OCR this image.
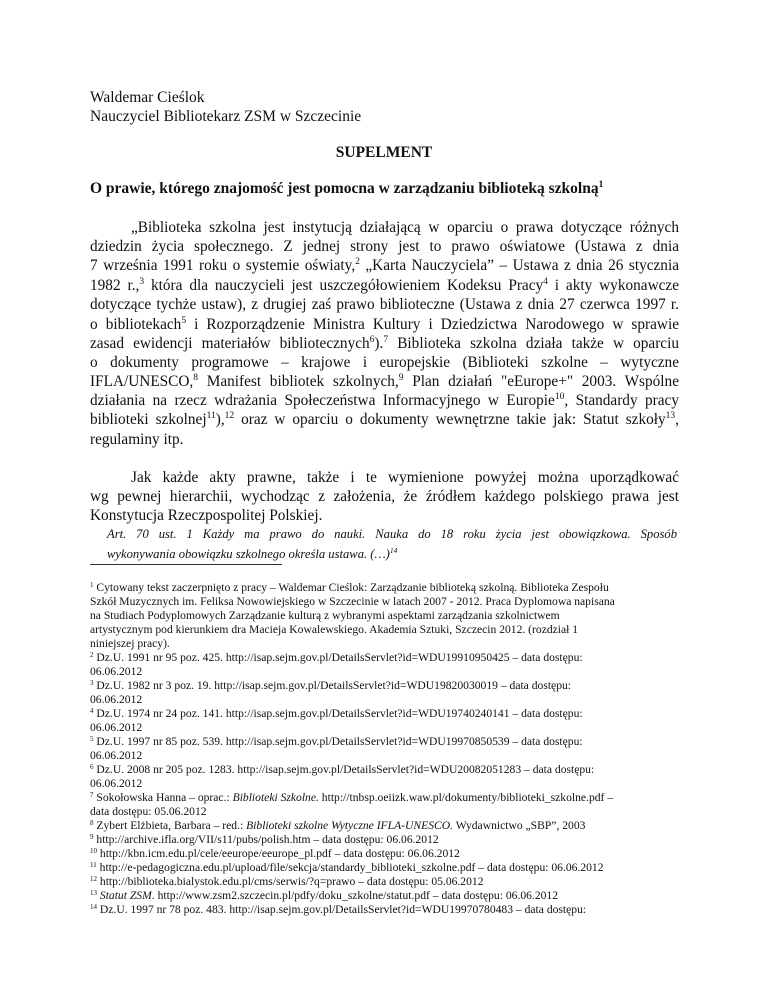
Waldemar Cieślok
Nauczyciel Bibliotekarz ZSM w Szczecinie
SUPELMENT
O prawie, którego znajomość jest pomocna w zarządzaniu biblioteką szkolną$^1$
„Biblioteka szkolna jest instytucją działającą w oparciu o prawa dotyczące różnych
dziedzin życia społecznego. Z jednej strony jest to prawo oświatowe (Ustawa z dnia
7 września 1991 roku o systemie oświaty,$^2$ „Karta Nauczyciela” – Ustawa z dnia 26 stycznia
1982 r.,$^3$ która dla nauczycieli jest uszczegółowieniem Kodeksu Pracy$^4$ i akty wykonawcze
dotyczące tychże ustaw), z drugiej zaś prawo biblioteczne (Ustawa z dnia 27 czerwca 1997 r.
o bibliotekach$^5$ i Rozporządzenie Ministra Kultury i Dziedzictwa Narodowego w sprawie
zasad ewidencji materiałów bibliotecznych$^6$).$^7$ Biblioteka szkolna działa także w oparciu
o dokumenty programowe – krajowe i europejskie (Biblioteki szkolne – wytyczne
IFLA/UNESCO,$^8$ Manifest bibliotek szkolnych,$^9$ Plan działań "eEurope+" 2003. Wspólne
działania na rzecz wdrażania Społeczeństwa Informacyjnego w Europie$^{10}$, Standardy pracy
biblioteki szkolnej$^{11}$),$^{12}$ oraz w oparciu o dokumenty wewnętrzne takie jak: Statut szkoły$^{13}$,
regulaminy itp.
Jak każde akty prawne, także i te wymienione powyżej można uporządkować
wg pewnej hierarchii, wychodząc z założenia, że źródłem każdego polskiego prawa jest
Konstytucja Rzeczpospolitej Polskiej.
Art. 70 ust. 1 Każdy ma prawo do nauki. Nauka do 18 roku życia jest obowiązkowa. Sposób
wykonywania obowiązku szkolnego określa ustawa. (…)$^{14}$
$^1$ Cytowany tekst zaczerpnięto z pracy – Waldemar Cieślok: Zarządzanie biblioteką szkolną. Biblioteka Zespołu
Szkół Muzycznych im. Feliksa Nowowiejskiego w Szczecinie w latach 2007 - 2012. Praca Dyplomowa napisana
na Studiach Podyplomowych Zarządzanie kulturą z wybranymi aspektami zarządzania szkolnictwem
artystycznym pod kierunkiem dra Macieja Kowalewskiego. Akademia Sztuki, Szczecin 2012. (rozdział 1
niniejszej pracy).
$^2$ Dz.U. 1991 nr 95 poz. 425. http://isap.sejm.gov.pl/DetailsServlet?id=WDU19910950425 – data dostępu:
06.06.2012
$^3$ Dz.U. 1982 nr 3 poz. 19. http://isap.sejm.gov.pl/DetailsServlet?id=WDU19820030019 – data dostępu:
06.06.2012
$^4$ Dz.U. 1974 nr 24 poz. 141. http://isap.sejm.gov.pl/DetailsServlet?id=WDU19740240141 – data dostępu:
06.06.2012
$^5$ Dz.U. 1997 nr 85 poz. 539. http://isap.sejm.gov.pl/DetailsServlet?id=WDU19970850539 – data dostępu:
06.06.2012
$^6$ Dz.U. 2008 nr 205 poz. 1283. http://isap.sejm.gov.pl/DetailsServlet?id=WDU20082051283 – data dostępu:
06.06.2012
$^7$ Sokołowska Hanna – oprac.: Biblioteki Szkolne. http://tnbsp.oeiizk.waw.pl/dokumenty/biblioteki_szkolne.pdf –
data dostępu: 05.06.2012
$^8$ Zybert Elżbieta, Barbara – red.: Biblioteki szkolne Wytyczne IFLA-UNESCO. Wydawnictwo „SBP”, 2003
$^9$ http://archive.ifla.org/VII/s11/pubs/polish.htm – data dostępu: 06.06.2012
$^{10}$ http://kbn.icm.edu.pl/cele/eeurope/eeurope_pl.pdf – data dostępu: 06.06.2012
$^{11}$ http://e-pedagogiczna.edu.pl/upload/file/sekcja/standardy_biblioteki_szkolne.pdf – data dostępu: 06.06.2012
$^{12}$ http://biblioteka.bialystok.edu.pl/cms/serwis/?q=prawo – data dostępu: 05.06.2012
$^{13}$ Statut ZSM. http://www.zsm2.szczecin.pl/pdfy/doku_szkolne/statut.pdf – data dostępu: 06.06.2012
$^{14}$ Dz.U. 1997 nr 78 poz. 483. http://isap.sejm.gov.pl/DetailsServlet?id=WDU19970780483 – data dostępu:
